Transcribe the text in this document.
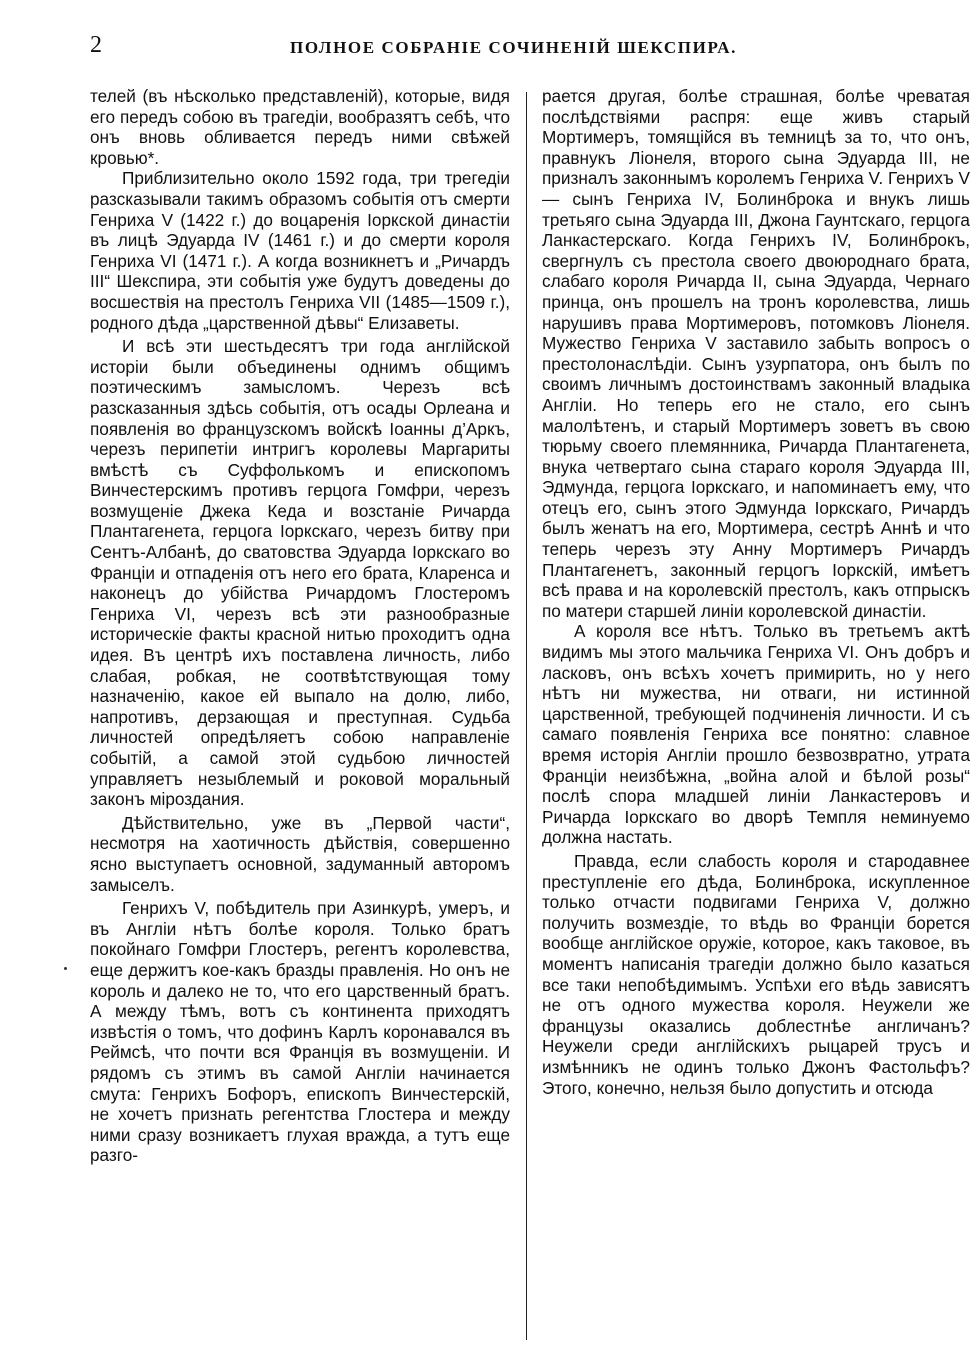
2	ПОЛНОЕ СОБРАНІЕ СОЧИНЕНІЙ ШЕКСПИРА.

телей (въ нѣсколько представленій), которые, видя его передъ собою въ трагедіи, вообразятъ себѣ, что онъ вновь обливается передъ ними свѣжей кровью*.

Приблизительно около 1592 года, три трегедіи разсказывали такимъ образомъ событія отъ смерти Генриха V (1422 г.) до воцаренія Іоркской династіи въ лицѣ Эдуарда IV (1461 г.) и до смерти короля Генриха VI (1471 г.). А когда возникнетъ и „Ричардъ III“ Шекспира, эти событія уже будутъ доведены до восшествія на престолъ Генриха VII (1485—1509 г.), родного дѣда „царственной дѣвы“ Елизаветы.

И всѣ эти шестьдесятъ три года англійской исторіи были объединены однимъ общимъ поэтическимъ замысломъ. Черезъ всѣ разсказанныя здѣсь событія, отъ осады Орлеана и появленія во французскомъ войскѣ Іоанны д’Аркъ, черезъ перипетіи интригъ королевы Маргариты вмѣстѣ съ Суффолькомъ и епископомъ Винчестерскимъ противъ герцога Гомфри, черезъ возмущеніе Джека Кеда и возстаніе Ричарда Плантагенета, герцога Іоркскаго, черезъ битву при Сентъ-Албанѣ, до сватовства Эдуарда Іоркскаго во Франціи и отпаденія отъ него его брата, Кларенса и наконецъ до убійства Ричардомъ Глостеромъ Генриха VI, черезъ всѣ эти разнообразные историческіе факты красной нитью проходитъ одна идея. Въ центрѣ ихъ поставлена личность, либо слабая, робкая, не соотвѣтствующая тому назначенію, какое ей выпало на долю, либо, напротивъ, дерзающая и преступная. Судьба личностей опредѣляетъ собою направленіе событій, а самой этой судьбою личностей управляетъ незыблемый и роковой моральный законъ міроздания.

Дѣйствительно, уже въ „Первой части“, несмотря на хаотичность дѣйствія, совершенно ясно выступаетъ основной, задуманный авторомъ замыселъ.

Генрихъ V, побѣдитель при Азинкурѣ, умеръ, и въ Англіи нѣтъ болѣе короля. Только братъ покойнаго Гомфри Глостеръ, регентъ королевства, еще держитъ кое-какъ бразды правленія. Но онъ не король и далеко не то, что его царственный братъ. А между тѣмъ, вотъ съ континента приходятъ извѣстія о томъ, что дофинъ Карлъ коронавался въ Реймсѣ, что почти вся Франція въ возмущеніи. И рядомъ съ этимъ въ самой Англіи начинается смута: Генрихъ Бофоръ, епископъ Винчестерскій, не хочетъ признать регентства Глостера и между ними сразу возникаетъ глухая вражда, а тутъ еще разго-

рается другая, болѣе страшная, болѣе чреватая послѣдствіями распря: еще живъ старый Мортимеръ, томящійся въ темницѣ за то, что онъ, правнукъ Ліонеля, второго сына Эдуарда III, не призналъ законнымъ королемъ Генриха V. Генрихъ V — сынъ Генриха IV, Болинброка и внукъ лишь третьяго сына Эдуарда III, Джона Гаунтскаго, герцога Ланкастерскаго. Когда Генрихъ IV, Болинброкъ, свергнулъ съ престола своего двоюроднаго брата, слабаго короля Ричарда II, сына Эдуарда, Чернаго принца, онъ прошелъ на тронъ королевства, лишь нарушивъ права Мортимеровъ, потомковъ Ліонеля. Мужество Генриха V заставило забыть вопросъ о престолонаслѣдіи. Сынъ узурпатора, онъ былъ по своимъ личнымъ достоинствамъ законный владыка Англіи. Но теперь его не стало, его сынъ малолѣтенъ, и старый Мортимеръ зоветъ въ свою тюрьму своего племянника, Ричарда Плантагенета, внука четвертаго сына стараго короля Эдуарда III, Эдмунда, герцога Іоркскаго, и напоминаетъ ему, что отецъ его, сынъ этого Эдмунда Іоркскаго, Ричардъ былъ женатъ на его, Мортимера, сестрѣ Аннѣ и что теперь черезъ эту Анну Мортимеръ Ричардъ Плантагенетъ, законный герцогъ Іоркскій, имѣетъ всѣ права и на королевскій престолъ, какъ отпрыскъ по матери старшей линіи королевской династіи.

А короля все нѣтъ. Только въ третьемъ актѣ видимъ мы этого мальчика Генриха VI. Онъ добръ и ласковъ, онъ всѣхъ хочетъ примирить, но у него нѣтъ ни мужества, ни отваги, ни истинной царственной, требующей подчиненія личности. И съ самаго появленія Генриха все понятно: славное время исторія Англіи прошло безвозвратно, утрата Франціи неизбѣжна, „война алой и бѣлой розы“ послѣ спора младшей линіи Ланкастеровъ и Ричарда Іоркскаго во дворѣ Темпля неминуемо должна настать.

Правда, если слабость короля и стародавнее преступленіе его дѣда, Болинброка, искупленное только отчасти подвигами Генриха V, должно получить возмездіе, то вѣдь во Франціи борется вообще англійское оружіе, которое, какъ таковое, въ моментъ написанія трагедіи должно было казаться все таки непобѣдимымъ. Успѣхи его вѣдь зависятъ не отъ одного мужества короля. Неужели же французы оказались доблестнѣе англичанъ? Неужели среди англійскихъ рыцарей трусъ и измѣнникъ не одинъ только Джонъ Фастольфъ? Этого, конечно, нельзя было допустить и отсюда
